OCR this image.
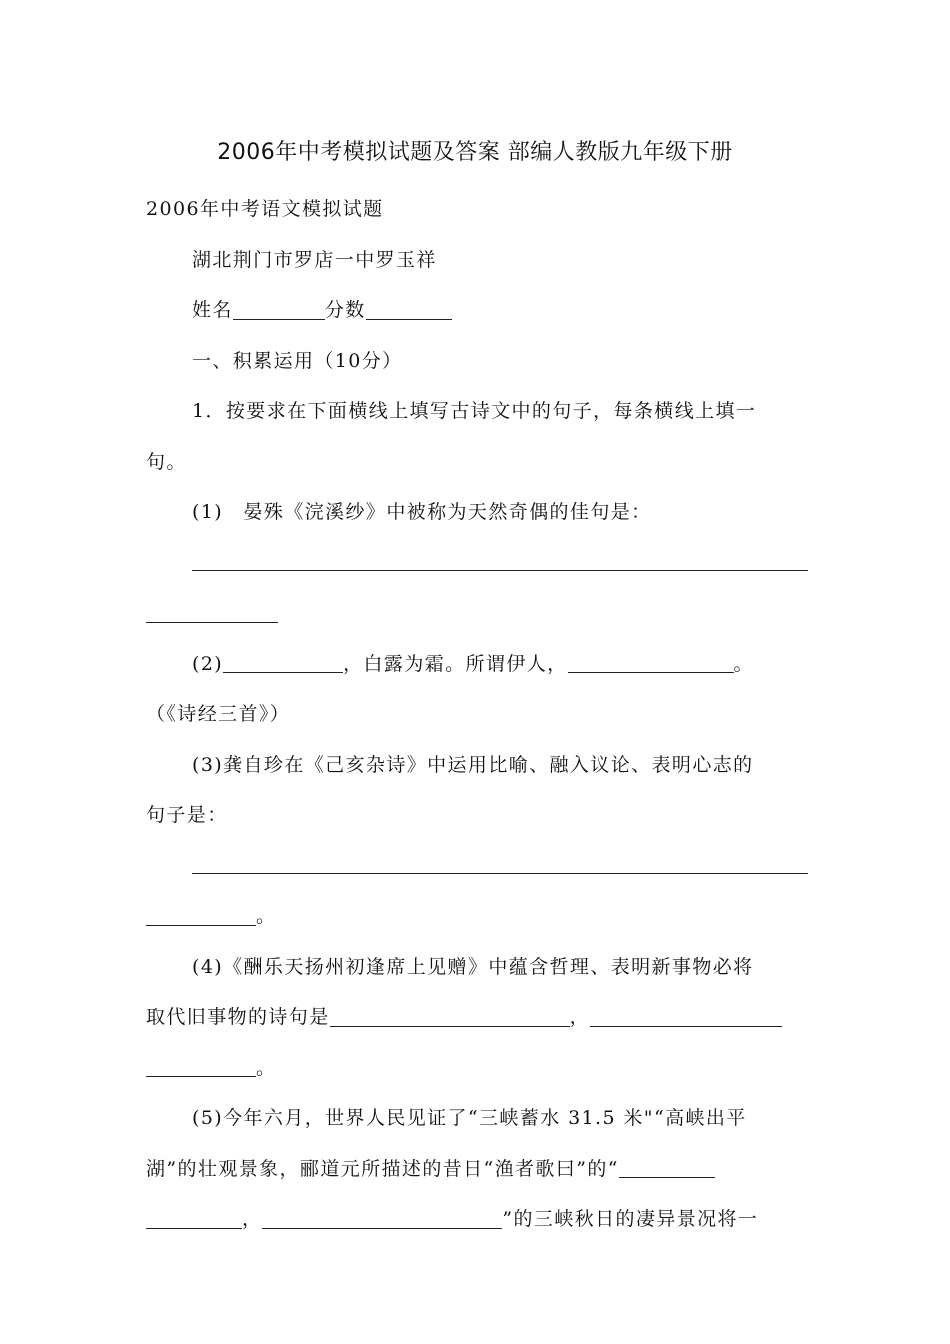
2006年中考模拟试题及答案 部编人教版九年级下册

2006年中考语文模拟试题

湖北荆门市罗店一中罗玉祥

姓名	分数

一、积累运用（10分）

1．按要求在下面横线上填写古诗文中的句子，每条横线上填一

句。

(1)　晏殊《浣溪纱》中被称为天然奇偶的佳句是：

(2)	，白露为霜。所谓伊人，	。

（《诗经三首》）

(3)龚自珍在《己亥杂诗》中运用比喻、融入议论、表明心志的

句子是：

。

(4)《酬乐天扬州初逢席上见赠》中蕴含哲理、表明新事物必将

取代旧事物的诗句是	，

。

(5)今年六月，世界人民见证了“三峡蓄水 31.5 米"“高峡出平

湖”的壮观景象，郦道元所描述的昔日“渔者歌曰”的“

，	”的三峡秋日的凄异景况将一
